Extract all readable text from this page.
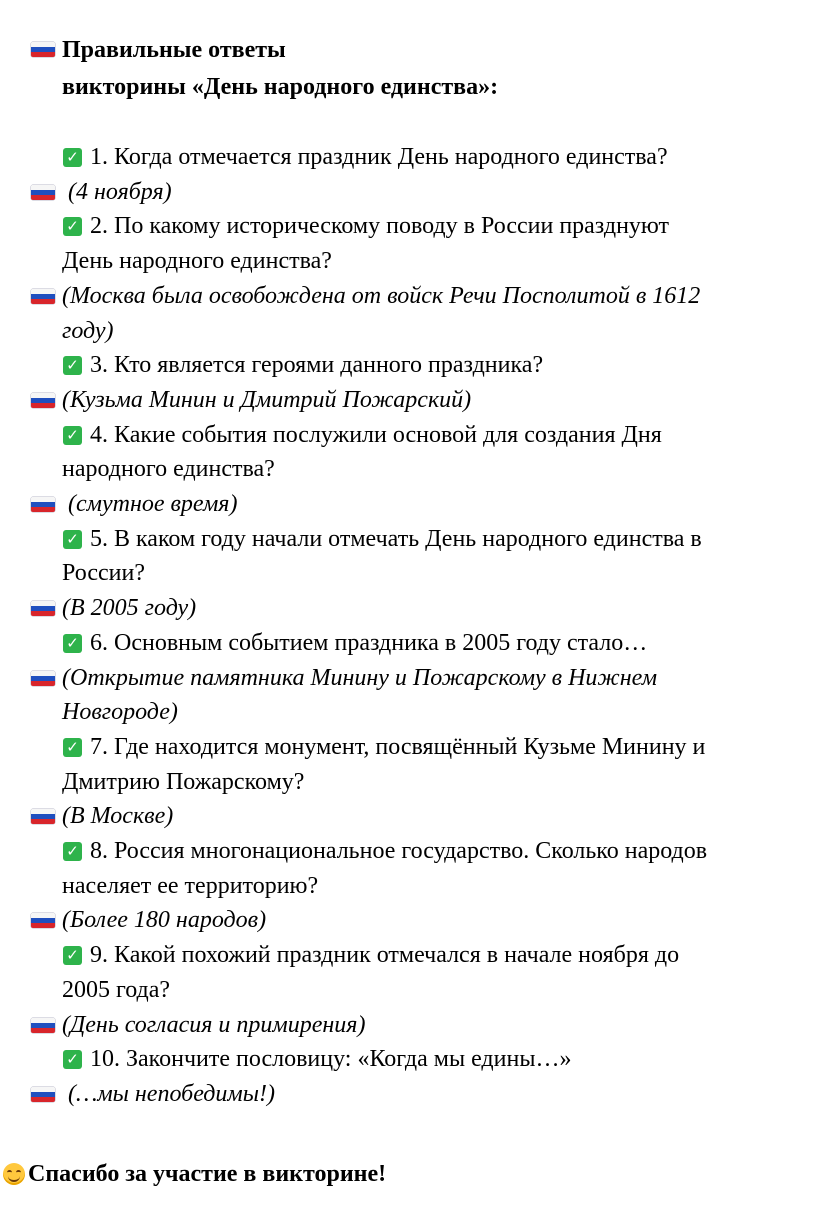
Правильные ответы
викторины «День народного единства»:
✓ 1. Когда отмечается праздник День народного единства?
(4 ноября)
✓ 2. По какому историческому поводу в России празднуют
День народного единства?
(Москва была освобождена от войск Речи Посполитой в 1612
году)
✓ 3. Кто является героями данного праздника?
(Кузьма Минин и Дмитрий Пожарский)
✓ 4. Какие события послужили основой для создания Дня
народного единства?
(смутное время)
✓ 5. В каком году начали отмечать День народного единства в
России?
(В 2005 году)
✓ 6. Основным событием праздника в 2005 году стало…
(Открытие памятника Минину и Пожарскому в Нижнем
Новгороде)
✓ 7. Где находится монумент, посвящённый Кузьме Минину и
Дмитрию Пожарскому?
(В Москве)
✓ 8. Россия многонациональное государство. Сколько народов
населяет ее территорию?
(Более 180 народов)
✓ 9. Какой похожий праздник отмечался в начале ноября до
2005 года?
(День согласия и примирения)
✓ 10. Закончите пословицу: «Когда мы едины…»
(…мы непобедимы!)
Спасибо за участие в викторине!
